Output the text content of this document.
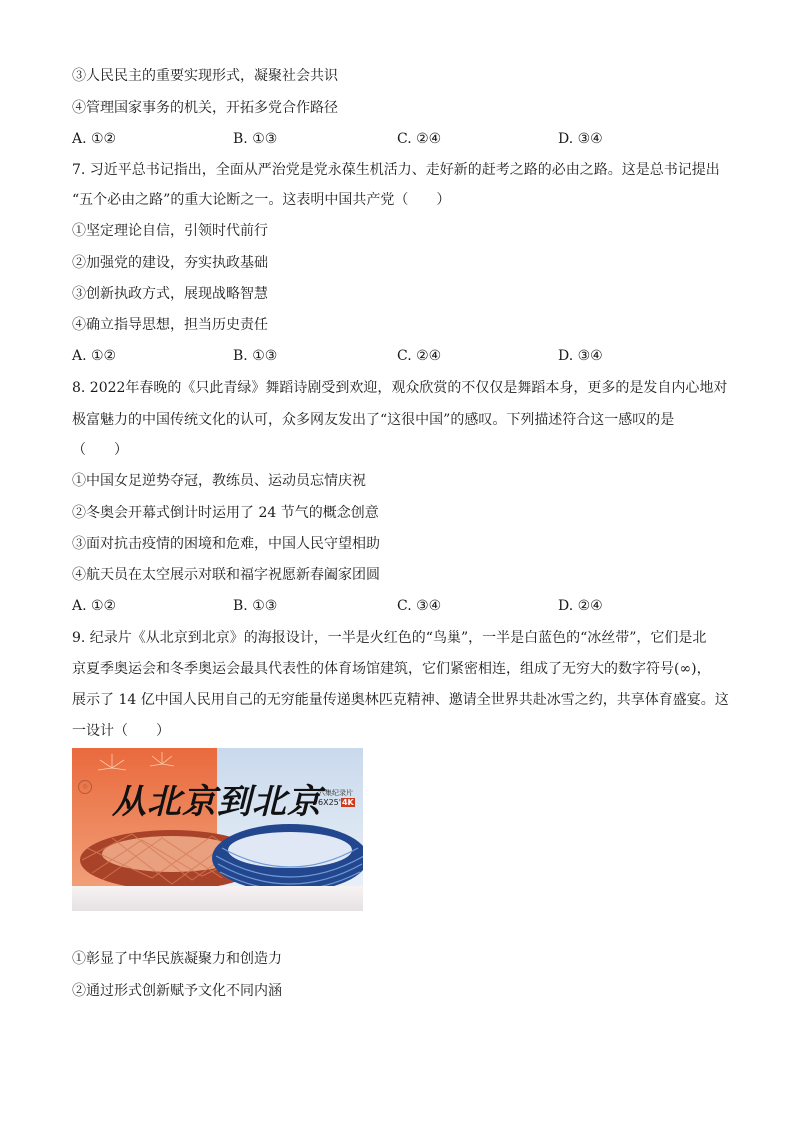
③人民民主的重要实现形式，凝聚社会共识
④管理国家事务的机关，开拓多党合作路径
A. ①②	B. ①③	C. ②④	D. ③④
7. 习近平总书记指出，全面从严治党是党永葆生机活力、走好新的赶考之路的必由之路。这是总书记提出
“五个必由之路”的重大论断之一。这表明中国共产党（　　）
①坚定理论自信，引领时代前行
②加强党的建设，夯实执政基础
③创新执政方式，展现战略智慧
④确立指导思想，担当历史责任
A. ①②	B. ①③	C. ②④	D. ③④
8. 2022年春晚的《只此青绿》舞蹈诗剧受到欢迎，观众欣赏的不仅仅是舞蹈本身，更多的是发自内心地对
极富魅力的中国传统文化的认可，众多网友发出了“这很中国”的感叹。下列描述符合这一感叹的是
（　　）
①中国女足逆势夺冠，教练员、运动员忘情庆祝
②冬奥会开幕式倒计时运用了 24 节气的概念创意
③面对抗击疫情的困境和危难，中国人民守望相助
④航天员在太空展示对联和福字祝愿新春阖家团圆
A. ①②	B. ①③	C. ③④	D. ②④
9. 纪录片《从北京到北京》的海报设计，一半是火红色的“鸟巢”，一半是白蓝色的“冰丝带”，它们是北
京夏季奥运会和冬季奥运会最具代表性的体育场馆建筑，它们紧密相连，组成了无穷大的数字符号(∞)，
展示了 14 亿中国人民用自己的无穷能量传递奥林匹克精神、邀请全世界共赴冰雪之约，共享体育盛宴。这
一设计（　　）
◎ 从北京到北京
六集纪录片
6X25'4K
①彰显了中华民族凝聚力和创造力
②通过形式创新赋予文化不同内涵
